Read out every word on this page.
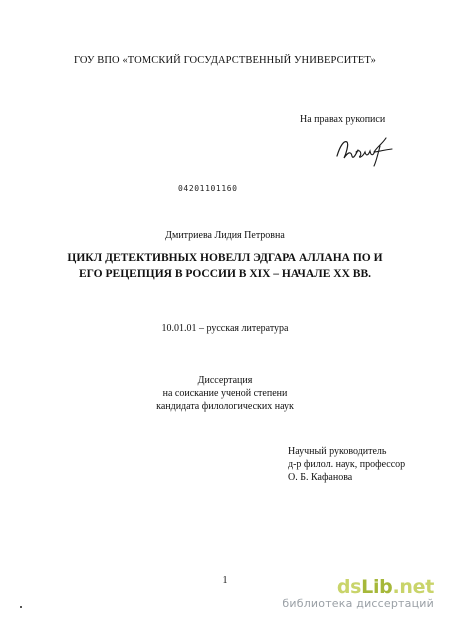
ГОУ ВПО «ТОМСКИЙ ГОСУДАРСТВЕННЫЙ УНИВЕРСИТЕТ»
На правах рукописи
04201101160
Дмитриева Лидия Петровна
ЦИКЛ ДЕТЕКТИВНЫХ НОВЕЛЛ ЭДГАРА АЛЛАНА ПО И
ЕГО РЕЦЕПЦИЯ В РОССИИ В XIX – НАЧАЛЕ XX ВВ.
10.01.01 – русская литература
Диссертация
на соискание ученой степени
кандидата филологических наук
Научный руководитель
д-р филол. наук, профессор
О. Б. Кафанова
1	dsLib.net
библиотека диссертаций
